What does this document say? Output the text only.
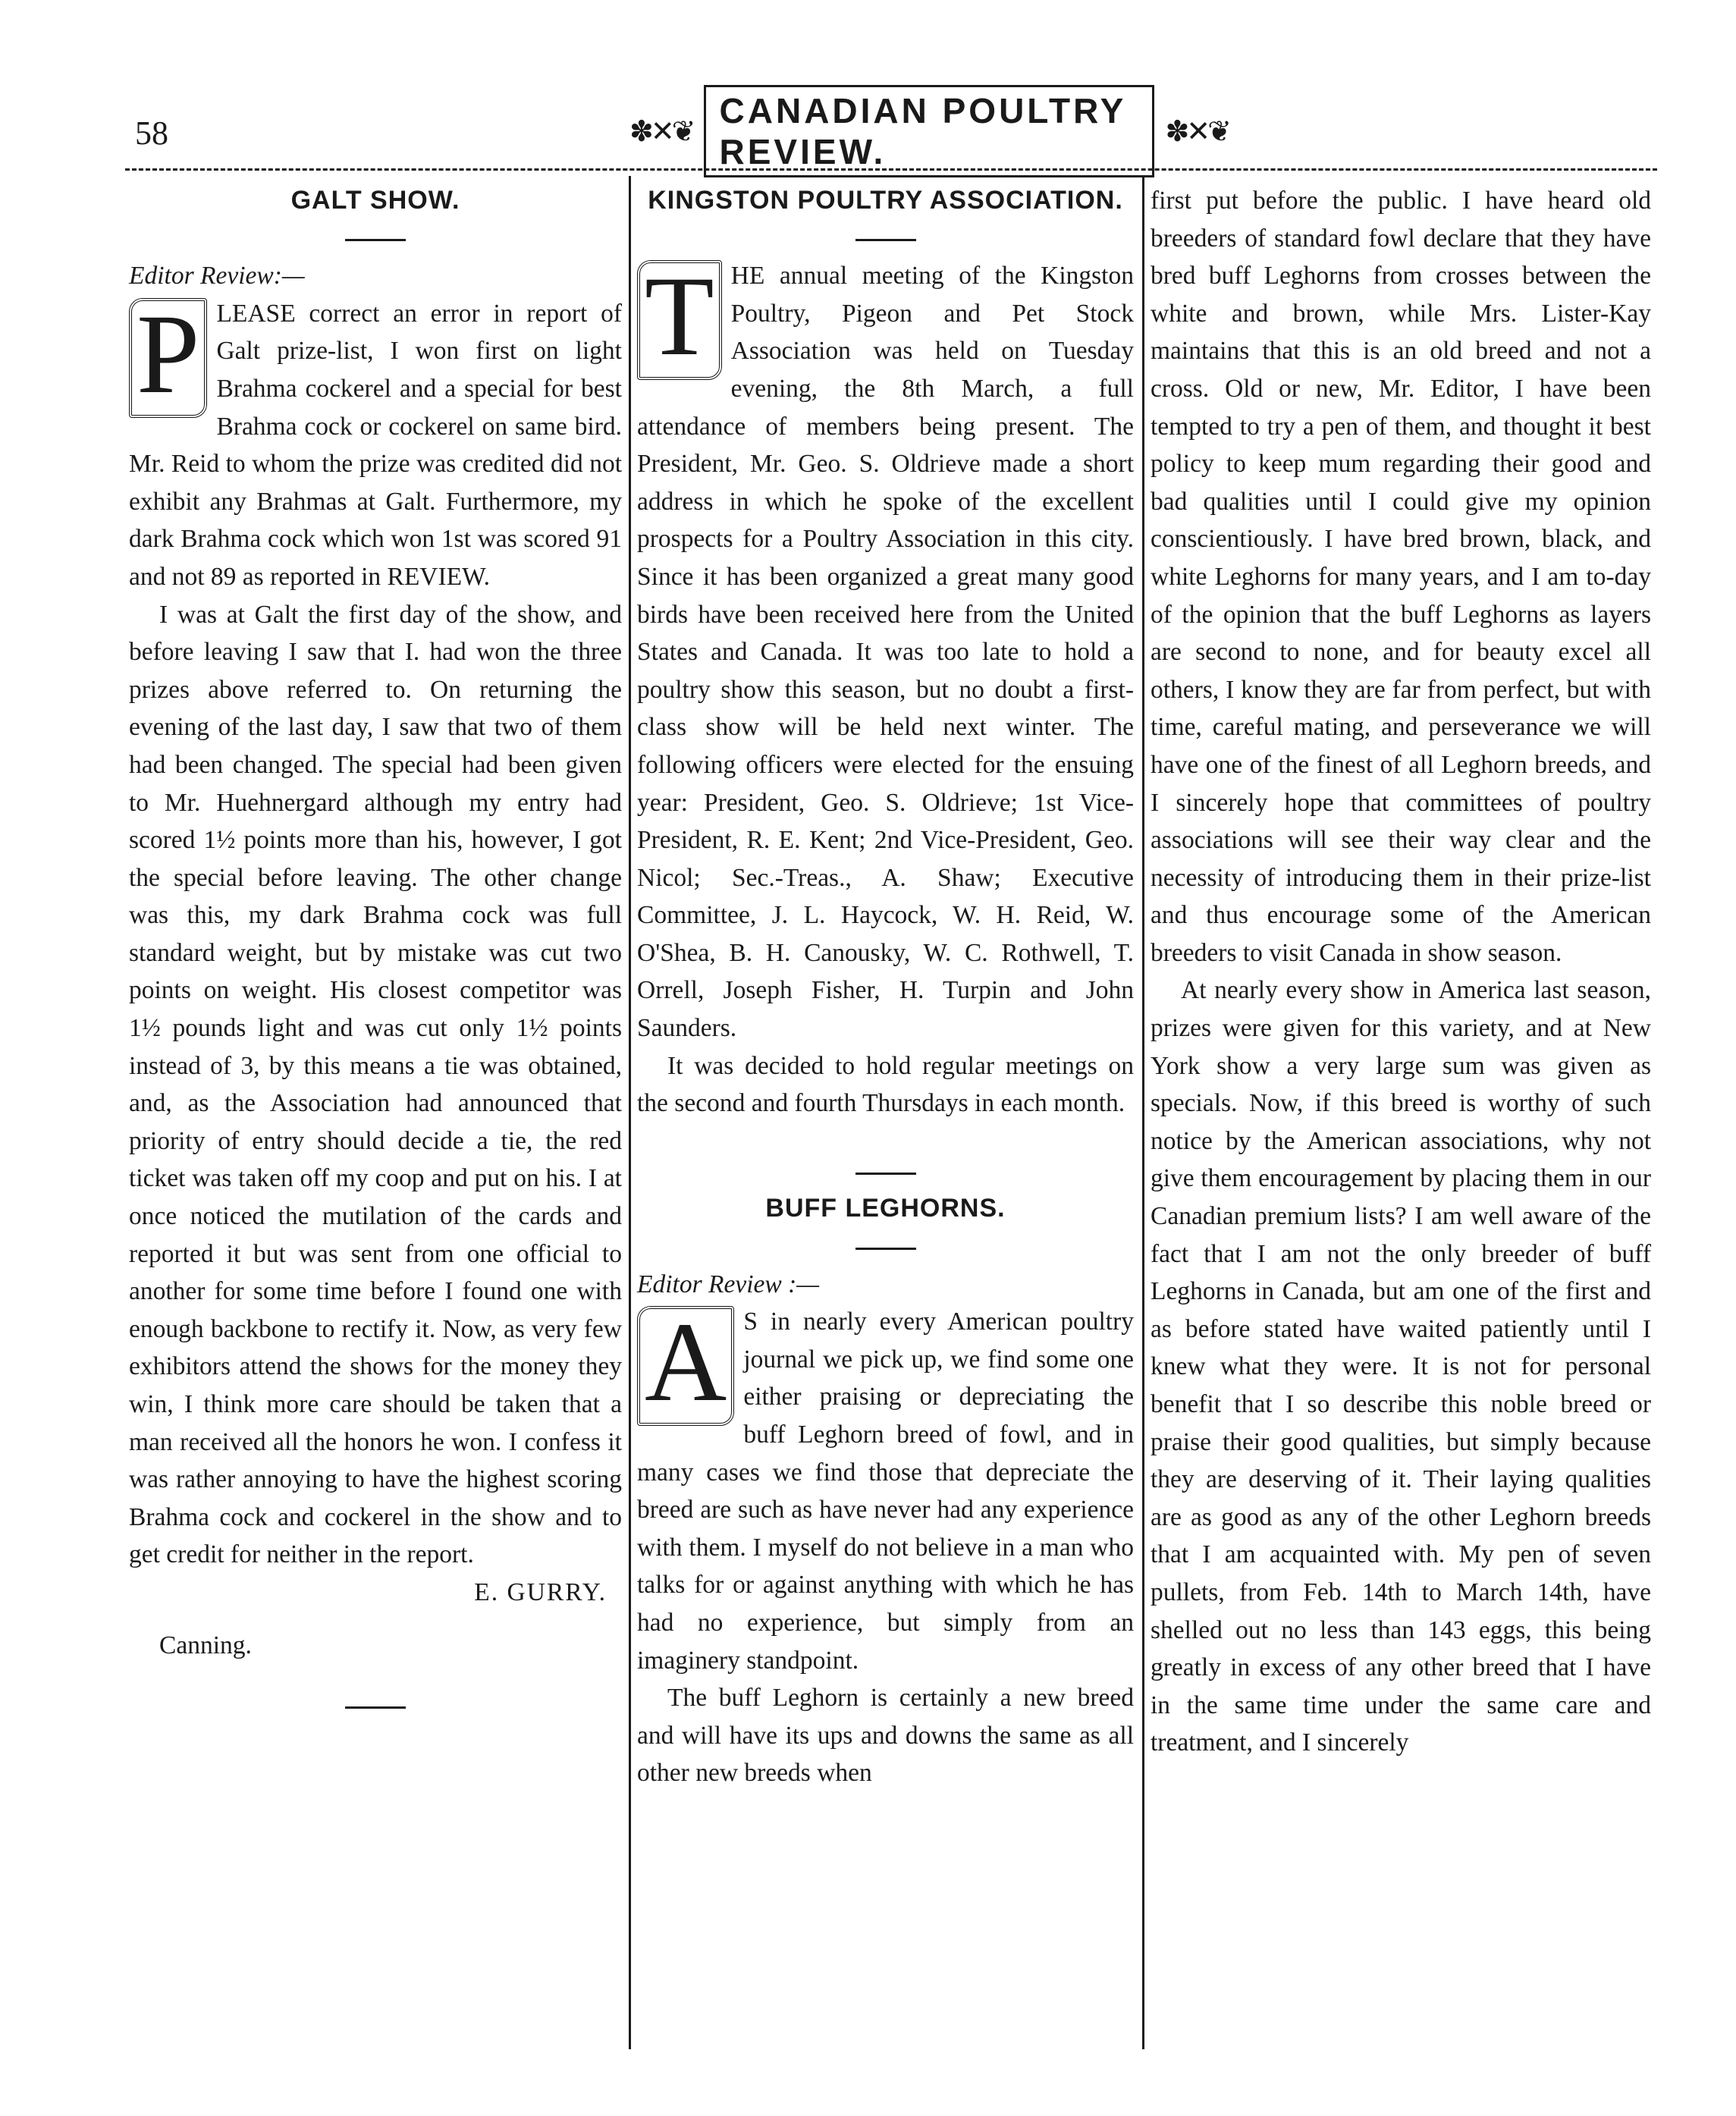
58	✽✕❦
CANADIAN POULTRY REVIEW.
✽✕❦
GALT SHOW.

Editor Review:—

P LEASE correct an error in report of Galt prize-list, I won first on light Brahma cockerel and a special for best Brahma cock or cockerel on same bird. Mr. Reid to whom the prize was credited did not exhibit any Brahmas at Galt. Furthermore, my dark Brahma cock which won 1st was scored 91 and not 89 as reported in REVIEW.

I was at Galt the first day of the show, and before leaving I saw that I. had won the three prizes above referred to. On returning the evening of the last day, I saw that two of them had been changed. The special had been given to Mr. Huehnergard although my entry had scored 1½ points more than his, however, I got the special before leaving. The other change was this, my dark Brahma cock was full standard weight, but by mistake was cut two points on weight. His closest competitor was 1½ pounds light and was cut only 1½ points instead of 3, by this means a tie was obtained, and, as the Association had announced that priority of entry should decide a tie, the red ticket was taken off my coop and put on his. I at once noticed the mutilation of the cards and reported it but was sent from one official to another for some time before I found one with enough backbone to rectify it. Now, as very few exhibitors attend the shows for the money they win, I think more care should be taken that a man received all the honors he won. I confess it was rather annoying to have the highest scoring Brahma cock and cockerel in the show and to get credit for neither in the report.

E. GURRY.

Canning.

KINGSTON POULTRY ASSOCIATION.

T HE annual meeting of the Kingston Poultry, Pigeon and Pet Stock Association was held on Tuesday evening, the 8th March, a full attendance of members being present. The President, Mr. Geo. S. Oldrieve made a short address in which he spoke of the excellent prospects for a Poultry Association in this city. Since it has been organized a great many good birds have been received here from the United States and Canada. It was too late to hold a poultry show this season, but no doubt a first-class show will be held next winter. The following officers were elected for the ensuing year: President, Geo. S. Oldrieve; 1st Vice-President, R. E. Kent; 2nd Vice-President, Geo. Nicol; Sec.-Treas., A. Shaw; Executive Committee, J. L. Haycock, W. H. Reid, W. O'Shea, B. H. Canousky, W. C. Rothwell, T. Orrell, Joseph Fisher, H. Turpin and John Saunders.

It was decided to hold regular meetings on the second and fourth Thursdays in each month.

BUFF LEGHORNS.

Editor Review :—

A S in nearly every American poultry journal we pick up, we find some one either praising or depreciating the buff Leghorn breed of fowl, and in many cases we find those that depreciate the breed are such as have never had any experience with them. I myself do not believe in a man who talks for or against anything with which he has had no experience, but simply from an imaginery standpoint.

The buff Leghorn is certainly a new breed and will have its ups and downs the same as all other new breeds when

first put before the public. I have heard old breeders of standard fowl declare that they have bred buff Leghorns from crosses between the white and brown, while Mrs. Lister-Kay maintains that this is an old breed and not a cross. Old or new, Mr. Editor, I have been tempted to try a pen of them, and thought it best policy to keep mum regarding their good and bad qualities until I could give my opinion conscientiously. I have bred brown, black, and white Leghorns for many years, and I am to-day of the opinion that the buff Leghorns as layers are second to none, and for beauty excel all others, I know they are far from perfect, but with time, careful mating, and perseverance we will have one of the finest of all Leghorn breeds, and I sincerely hope that committees of poultry associations will see their way clear and the necessity of introducing them in their prize-list and thus encourage some of the American breeders to visit Canada in show season.

At nearly every show in America last season, prizes were given for this variety, and at New York show a very large sum was given as specials. Now, if this breed is worthy of such notice by the American associations, why not give them encouragement by placing them in our Canadian premium lists? I am well aware of the fact that I am not the only breeder of buff Leghorns in Canada, but am one of the first and as before stated have waited patiently until I knew what they were. It is not for personal benefit that I so describe this noble breed or praise their good qualities, but simply because they are deserving of it. Their laying qualities are as good as any of the other Leghorn breeds that I am acquainted with. My pen of seven pullets, from Feb. 14th to March 14th, have shelled out no less than 143 eggs, this being greatly in excess of any other breed that I have in the same time under the same care and treatment, and I sincerely
